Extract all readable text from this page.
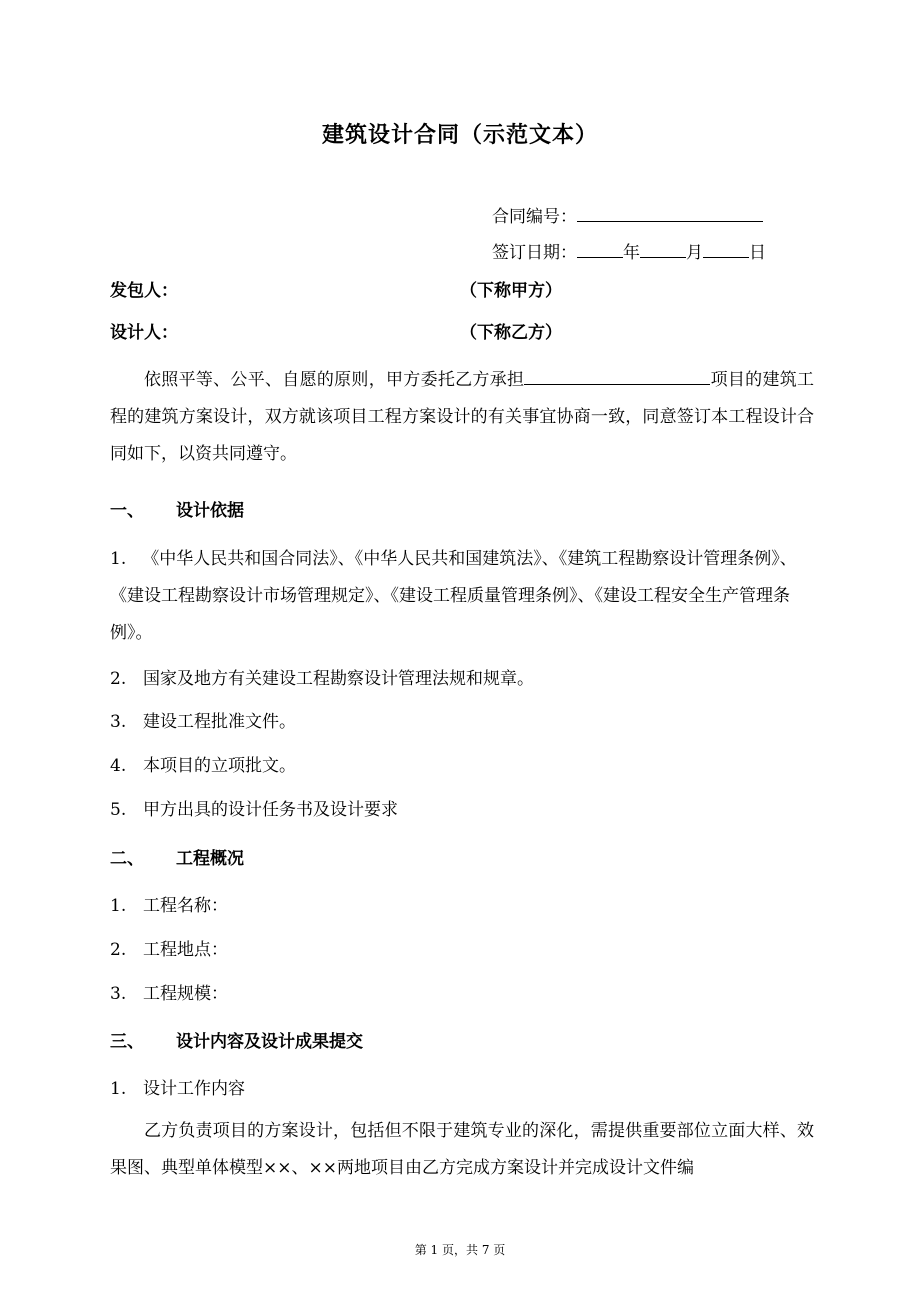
建筑设计合同（示范文本）
合同编号：
签订日期：	年	月	日
发包人：	（下称甲方）
设计人：	（下称乙方）
依照平等、公平、自愿的原则，甲方委托乙方承担	项目的建筑工程的建筑方案设计，双方就该项目工程方案设计的有关事宜协商一致，同意签订本工程设计合同如下，以资共同遵守。
一、 设计依据
1. 《中华人民共和国合同法》、《中华人民共和国建筑法》、《建筑工程勘察设计管理条例》、《建设工程勘察设计市场管理规定》、《建设工程质量管理条例》、《建设工程安全生产管理条例》。
2. 国家及地方有关建设工程勘察设计管理法规和规章。
3. 建设工程批准文件。
4. 本项目的立项批文。
5. 甲方出具的设计任务书及设计要求
二、 工程概况
1. 工程名称：
2. 工程地点：
3. 工程规模：
三、 设计内容及设计成果提交
1. 设计工作内容
乙方负责项目的方案设计，包括但不限于建筑专业的深化，需提供重要部位立面大样、效果图、典型单体模型××、××两地项目由乙方完成方案设计并完成设计文件编
第 1 页，共 7 页
